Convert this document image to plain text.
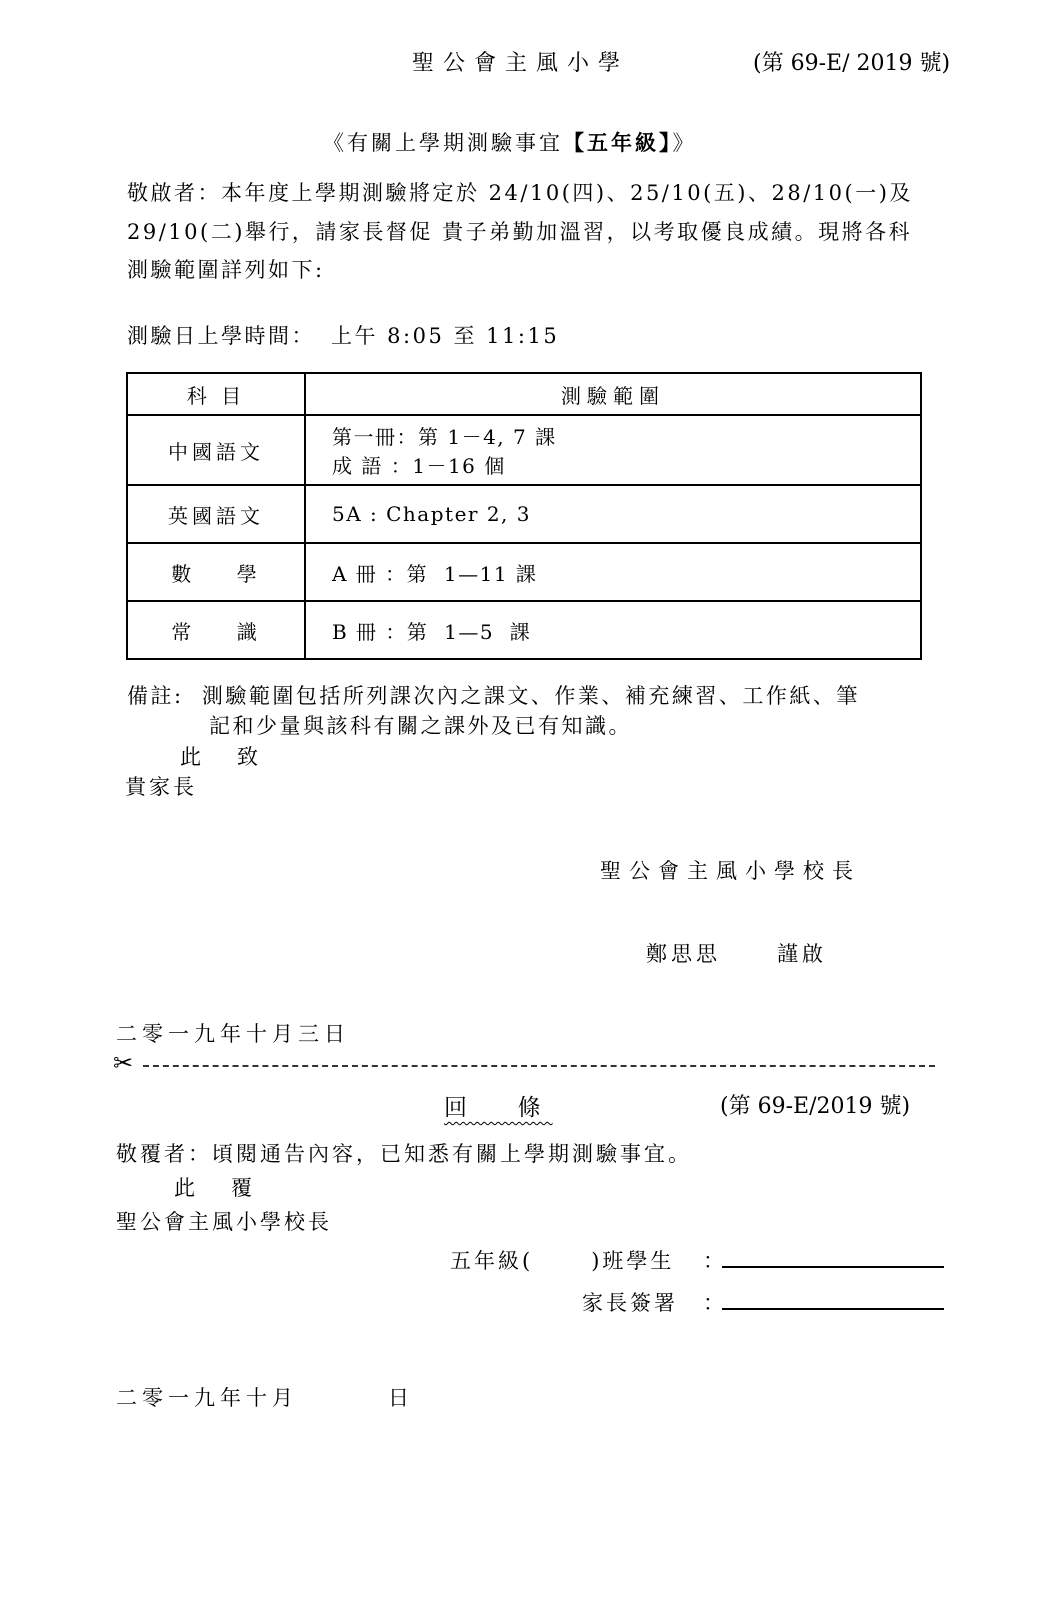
聖公會主風小學	(第 69-E/ 2019 號)
《有關上學期測驗事宜【五年級】》
敬啟者：本年度上學期測驗將定於 24/10(四)、25/10(五)、28/10(一)及
29/10(二)舉行，請家長督促 貴子弟勤加溫習，以考取優良成績。現將各科
測驗範圍詳列如下:
測驗日上學時間： 上午 8:05 至 11:15
科 目	測驗範圍
中國語文	第一冊：第 1－4, 7 課
成 語 ：1－16 個

英國語文	5A : Chapter 2, 3
數    學	A 冊 ：第  1—11 課
常    識	B 冊 ：第  1—5  課
備註:  測驗範圍包括所列課次內之課文、作業、補充練習、工作紙、筆
記和少量與該科有關之課外及已有知識。
此 致
貴家長
聖公會主風小學校長
鄭思思	謹啟
二零一九年十月三日
✂
回  條	(第 69-E/2019 號)
敬覆者：頃閱通告內容，已知悉有關上學期測驗事宜。
此 覆
聖公會主風小學校長
五年級(      )班學生 ：
家長簽署 ：
二零一九年十月	日
